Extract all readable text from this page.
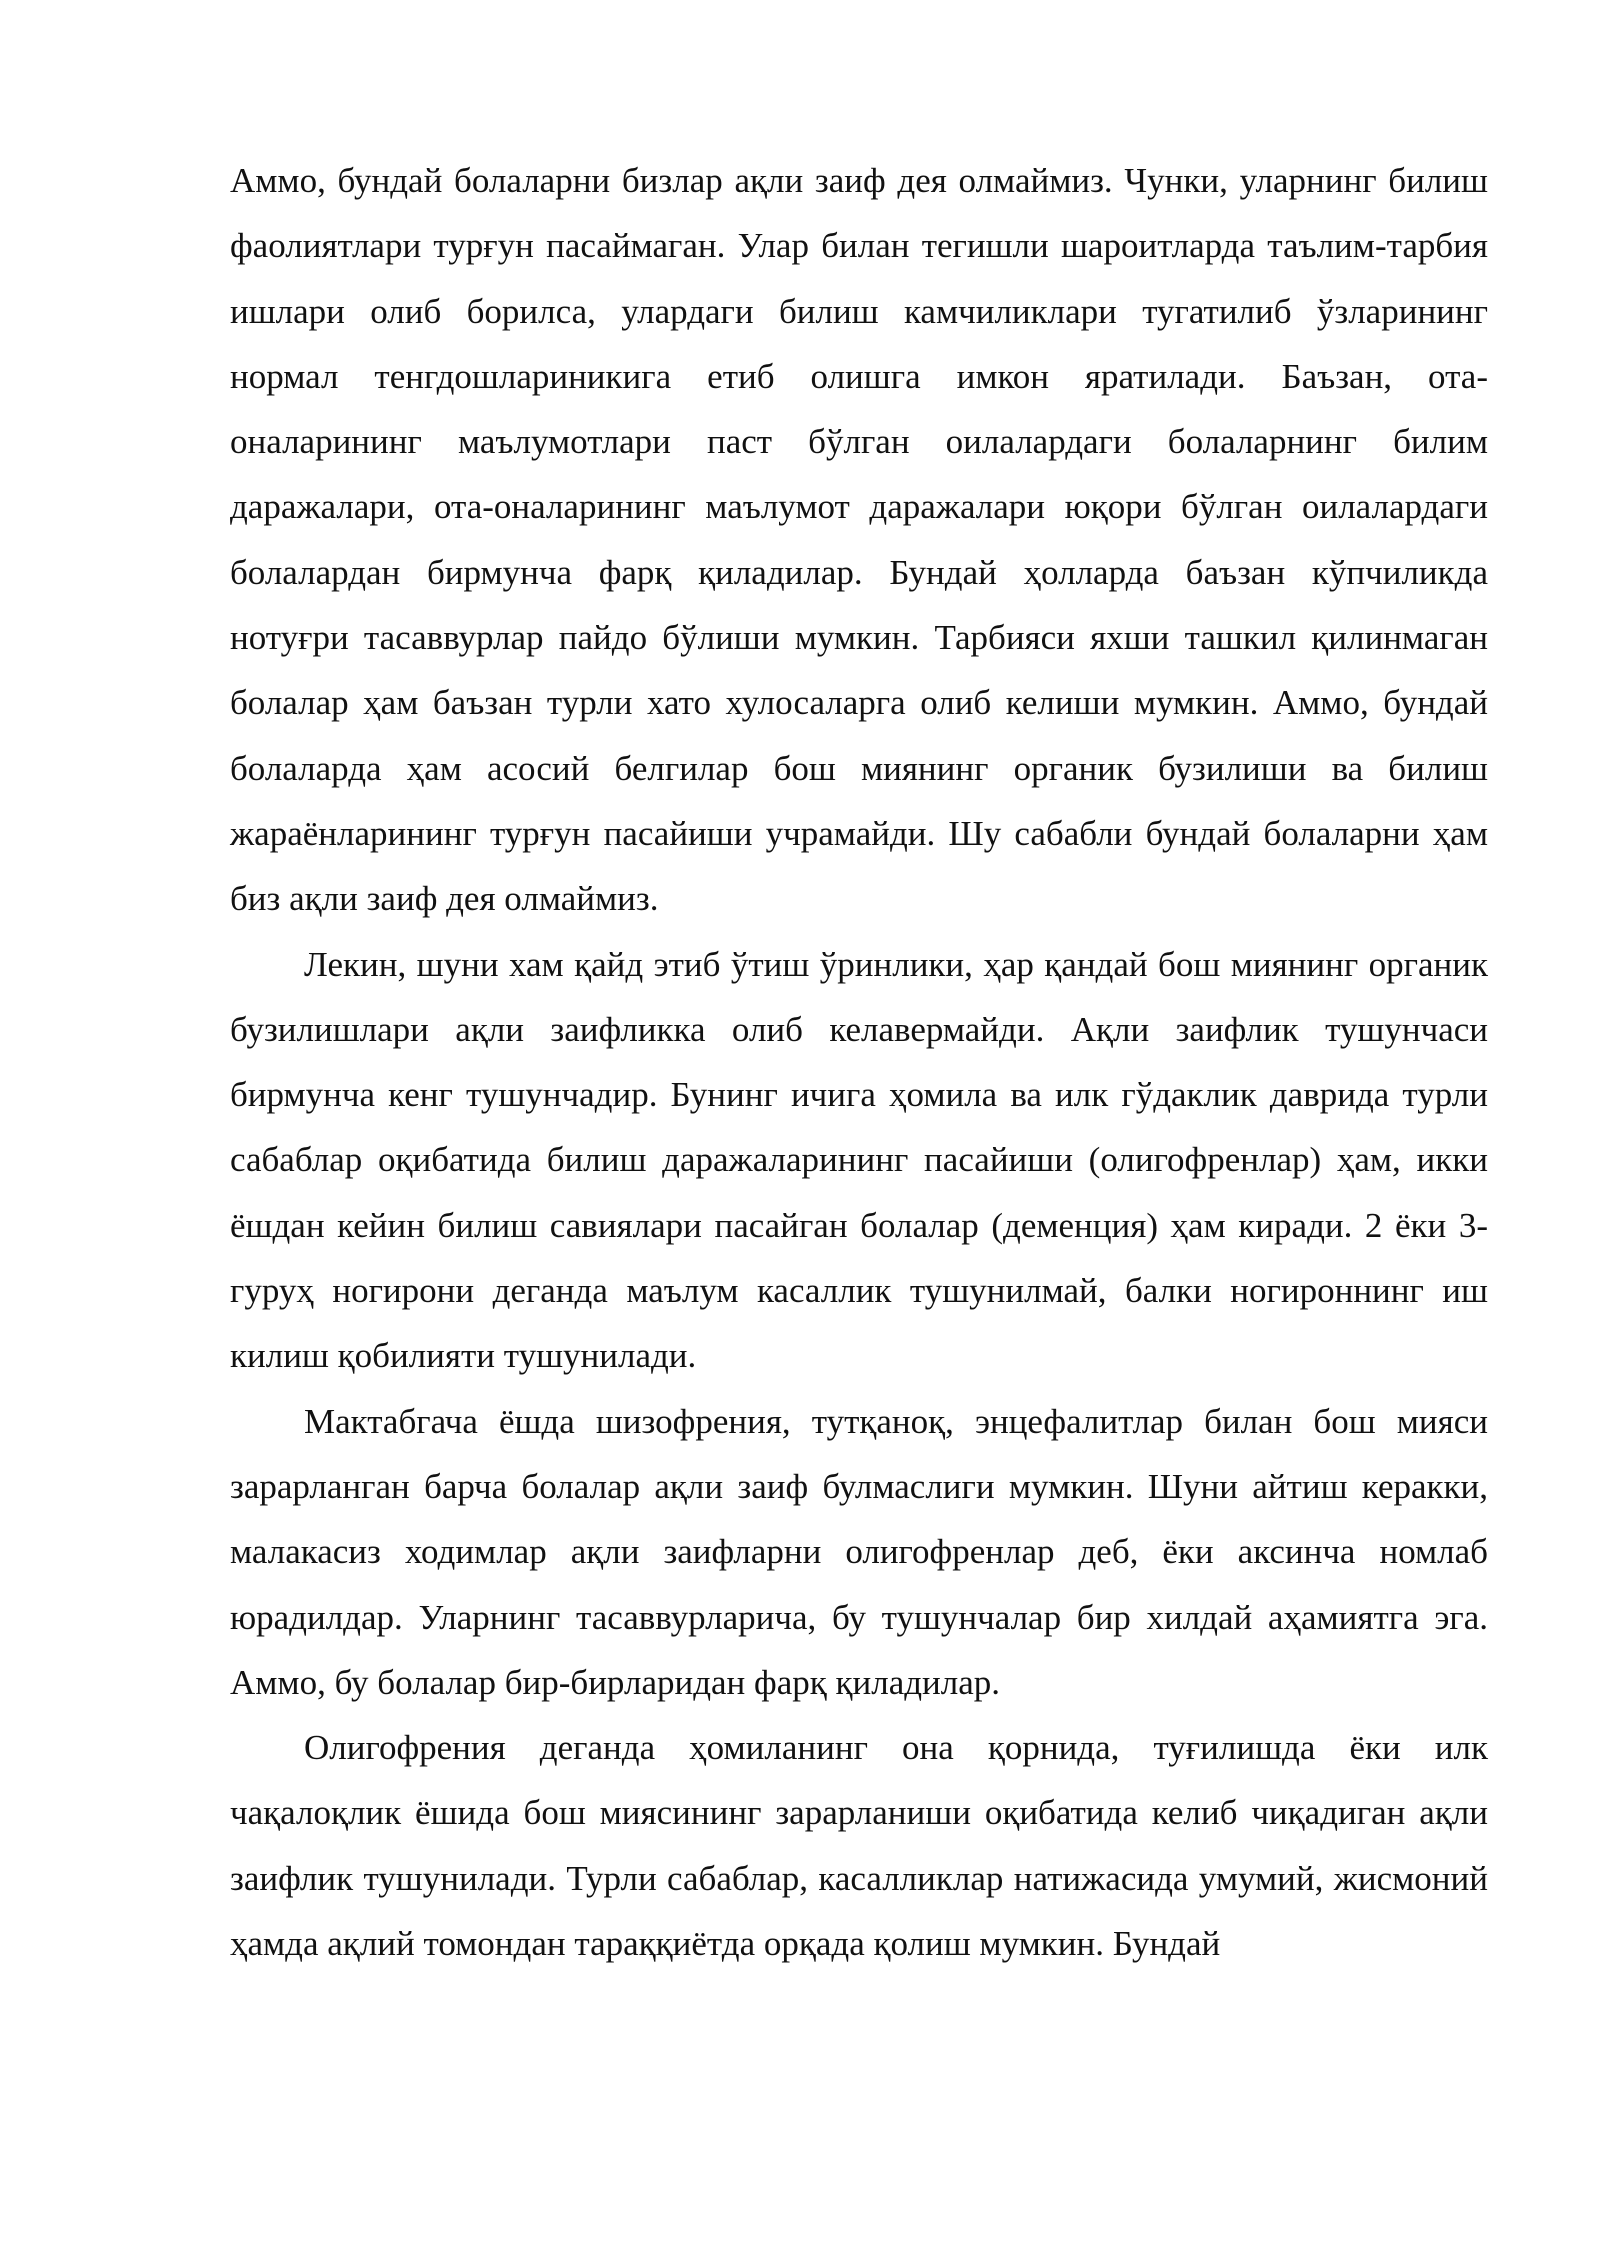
Аммо, бундай болаларни бизлар ақли заиф дея олмаймиз. Чунки, уларнинг билиш фаолиятлари турғун пасаймаган. Улар билан тегишли шароитларда таълим-тарбия ишлари олиб борилса, улардаги билиш камчиликлари тугатилиб ўзларининг нормал тенгдошлариникига етиб олишга имкон яратилади. Баъзан, ота-оналарининг маълумотлари паст бўлган оилалардаги болаларнинг билим даражалари, ота-оналарининг маълумот даражалари юқори бўлган оилалардаги болалардан бирмунча фарқ қиладилар. Бундай ҳолларда баъзан кўпчиликда нотуғри тасаввурлар пайдо бўлиши мумкин. Тарбияси яхши ташкил қилинмаган болалар ҳам баъзан турли хато хулосаларга олиб келиши мумкин. Аммо, бундай болаларда ҳам асосий белгилар бош миянинг органик бузилиши ва билиш жараёнларининг турғун пасайиши учрамайди. Шу сабабли бундай болаларни ҳам биз ақли заиф дея олмаймиз.

Лекин, шуни хам қайд этиб ўтиш ўринлики, ҳар қандай бош миянинг органик бузилишлари ақли заифликка олиб келавермайди. Ақли заифлик тушунчаси бирмунча кенг тушунчадир. Бунинг ичига ҳомила ва илк гўдаклик даврида турли сабаблар оқибатида билиш даражаларининг пасайиши (олигофренлар) ҳам, икки ёшдан кейин билиш савиялари пасайган болалар (деменция) ҳам киради. 2 ёки 3- гуруҳ ногирони деганда маълум касаллик тушунилмай, балки ногироннинг иш килиш қобилияти тушунилади.

Мактабгача ёшда шизофрения, тутқаноқ, энцефалитлар билан бош мияси зарарланган барча болалар ақли заиф булмаслиги мумкин. Шуни айтиш керакки, малакасиз ходимлар ақли заифларни олигофренлар деб, ёки аксинча номлаб юрадилдар. Уларнинг тасаввурларича, бу тушунчалар бир хилдай аҳамиятга эга. Аммо, бу болалар бир-бирларидан фарқ қиладилар.

Олигофрения деганда ҳомиланинг она қорнида, туғилишда ёки илк чақалоқлик ёшида бош миясининг зарарланиши оқибатида келиб чиқадиган ақли заифлик тушунилади. Турли сабаблар, касалликлар натижасида умумий, жисмоний ҳамда ақлий томондан тараққиётда орқада қолиш мумкин. Бундай
